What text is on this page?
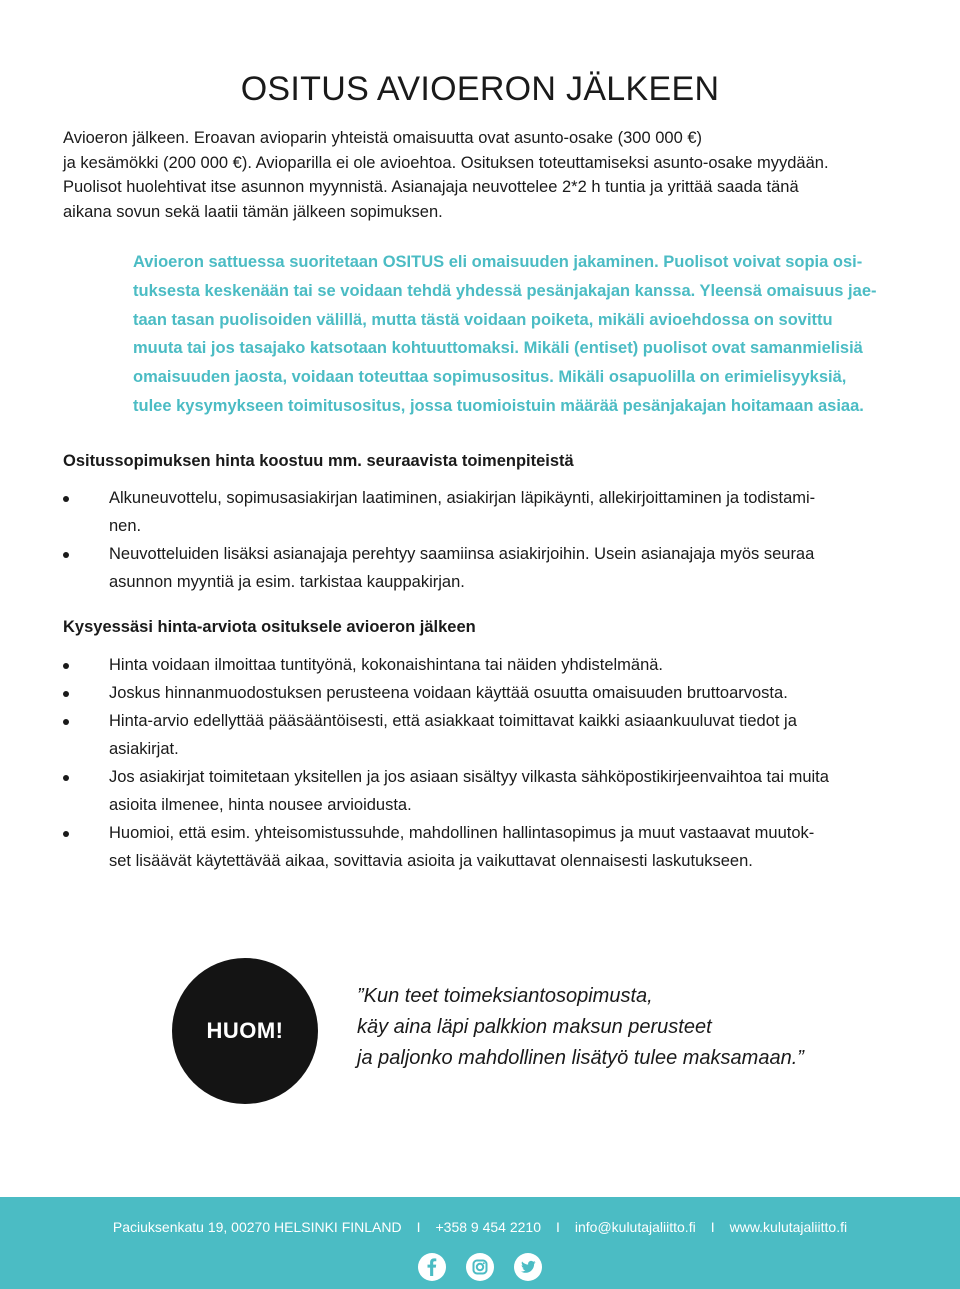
OSITUS AVIOERON JÄLKEEN
Avioeron jälkeen. Eroavan avioparin yhteistä omaisuutta ovat asunto-osake (300 000 €)
ja kesämökki (200 000 €). Avioparilla ei ole avioehtoa. Osituksen toteuttamiseksi asunto-osake myydään.
Puolisot huolehtivat itse asunnon myynnistä. Asianajaja neuvottelee 2*2 h tuntia ja yrittää saada tänä
aikana sovun sekä laatii tämän jälkeen sopimuksen.
Avioeron sattuessa suoritetaan OSITUS eli omaisuuden jakaminen. Puolisot voivat sopia osi-
tuksesta keskenään tai se voidaan tehdä yhdessä pesänjakajan kanssa. Yleensä omaisuus jae-
taan tasan puolisoiden välillä, mutta tästä voidaan poiketa, mikäli avioehdossa on sovittu
muuta tai jos tasajako katsotaan kohtuuttomaksi. Mikäli (entiset) puolisot ovat samanmielisiä
omaisuuden jaosta, voidaan toteuttaa sopimusositus. Mikäli osapuolilla on erimielisyyksiä,
tulee kysymykseen toimitusositus, jossa tuomioistuin määrää pesänjakajan hoitamaan asiaa.
Ositussopimuksen hinta koostuu mm. seuraavista toimenpiteistä
Alkuneuvottelu, sopimusasiakirjan laatiminen, asiakirjan läpikäynti, allekirjoittaminen ja todistami-
nen.
Neuvotteluiden lisäksi asianajaja perehtyy saamiinsa asiakirjoihin. Usein asianajaja myös seuraa
asunnon myyntiä ja esim. tarkistaa kauppakirjan.
Kysyessäsi hinta-arviota osituksele avioeron jälkeen
Hinta voidaan ilmoittaa tuntityönä, kokonaishintana tai näiden yhdistelmänä.
Joskus hinnanmuodostuksen perusteena voidaan käyttää osuutta omaisuuden bruttoarvosta.
Hinta-arvio edellyttää pääsääntöisesti, että asiakkaat toimittavat kaikki asiaankuuluvat tiedot ja
asiakirjat.
Jos asiakirjat toimitetaan yksitellen ja jos asiaan sisältyy vilkasta sähköpostikirjeenvaihtoa tai muita
asioita ilmenee, hinta nousee arvioidusta.
Huomioi, että esim. yhteisomistussuhde, mahdollinen hallintasopimus ja muut vastaavat muutok-
set lisäävät käytettävää aikaa, sovittavia asioita ja vaikuttavat olennaisesti laskutukseen.
HUOM!
”Kun teet toimeksiantosopimusta,
käy aina läpi palkkion maksun perusteet
ja paljonko mahdollinen lisätyö tulee maksamaan.”
Paciuksenkatu 19, 00270 HELSINKI FINLAND I +358 9 454 2210 I info@kulutajaliitto.fi I www.kulutajaliitto.fi
